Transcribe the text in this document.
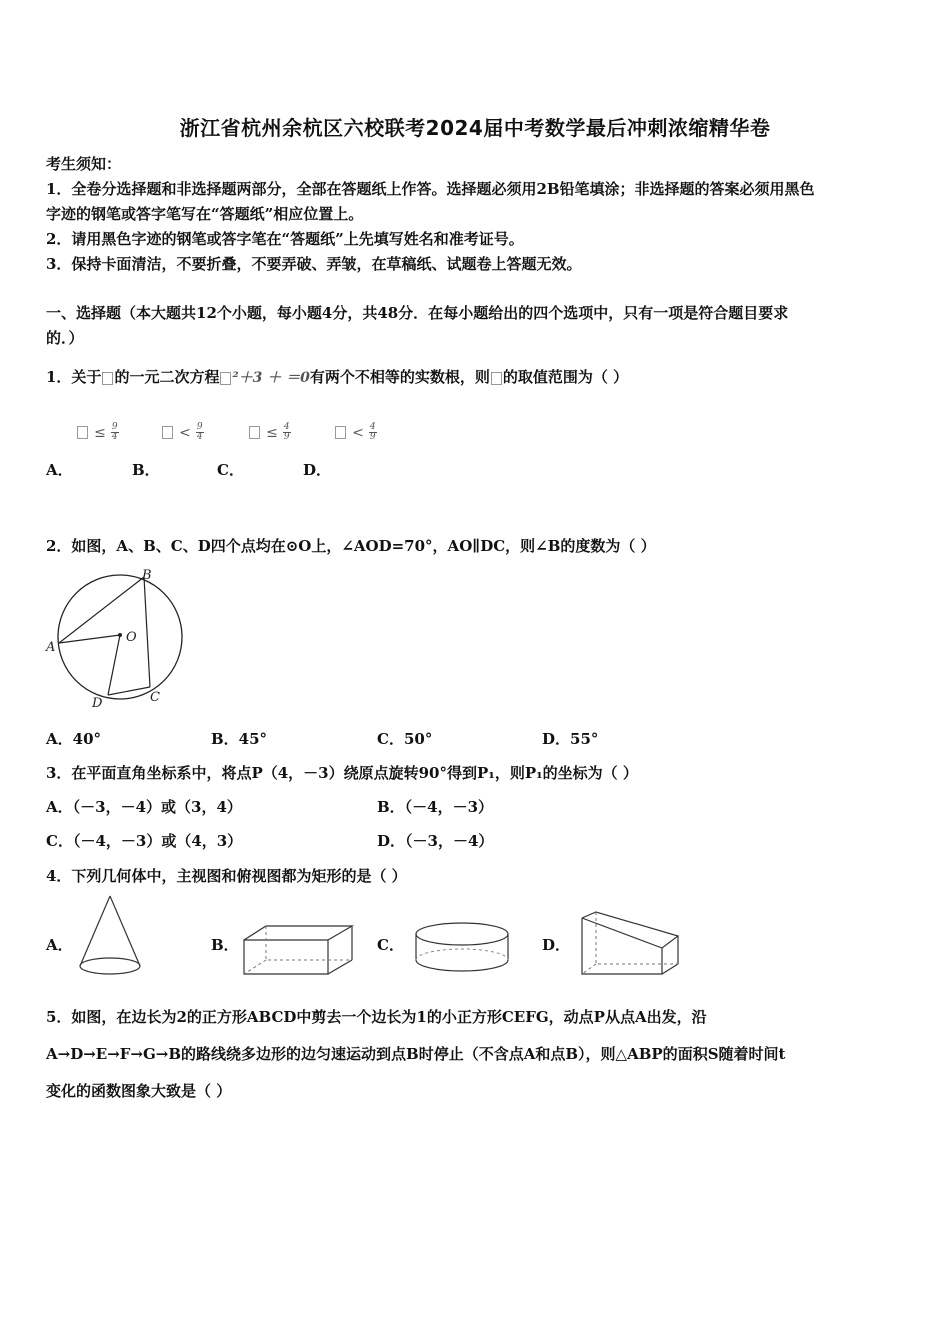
浙江省杭州余杭区六校联考2024届中考数学最后冲刺浓缩精华卷
考生须知：
1．全卷分选择题和非选择题两部分，全部在答题纸上作答。选择题必须用2B铅笔填涂；非选择题的答案必须用黑色
字迹的钢笔或答字笔写在“答题纸”相应位置上。
2．请用黑色字迹的钢笔或答字笔在“答题纸”上先填写姓名和准考证号。
3．保持卡面清洁，不要折叠，不要弄破、弄皱，在草稿纸、试题卷上答题无效。
一、选择题（本大题共12个小题，每小题4分，共48分．在每小题给出的四个选项中，只有一项是符合题目要求
的．）
1．关于 的一元二次方程 ²＋3 ＋ ＝0有两个不相等的实数根，则 的取值范围为（ ）
≤ $\frac{9}{4}$	< $\frac{9}{4}$	≤ $\frac{4}{9}$	< $\frac{4}{9}$
A．	B．	C．	D．
2．如图，A、B、C、D四个点均在⊙O上，∠AOD=70°，AO∥DC，则∠B的度数为（ ）
A
B
C
D
O
A．40°	B．45°	C．50°	D．55°
3．在平面直角坐标系中，将点P（4，－3）绕原点旋转90°得到P₁，则P₁的坐标为（ ）
A．（－3，－4）或（3，4）	B．（－4，－3）
C．（－4，－3）或（4，3）	D．（－3，－4）
4．下列几何体中，主视图和俯视图都为矩形的是（ ）
A．	B．	C．	D．
5．如图，在边长为2的正方形ABCD中剪去一个边长为1的小正方形CEFG，动点P从点A出发，沿
A→D→E→F→G→B的路线绕多边形的边匀速运动到点B时停止（不含点A和点B），则△ABP的面积S随着时间t
变化的函数图象大致是（ ）
